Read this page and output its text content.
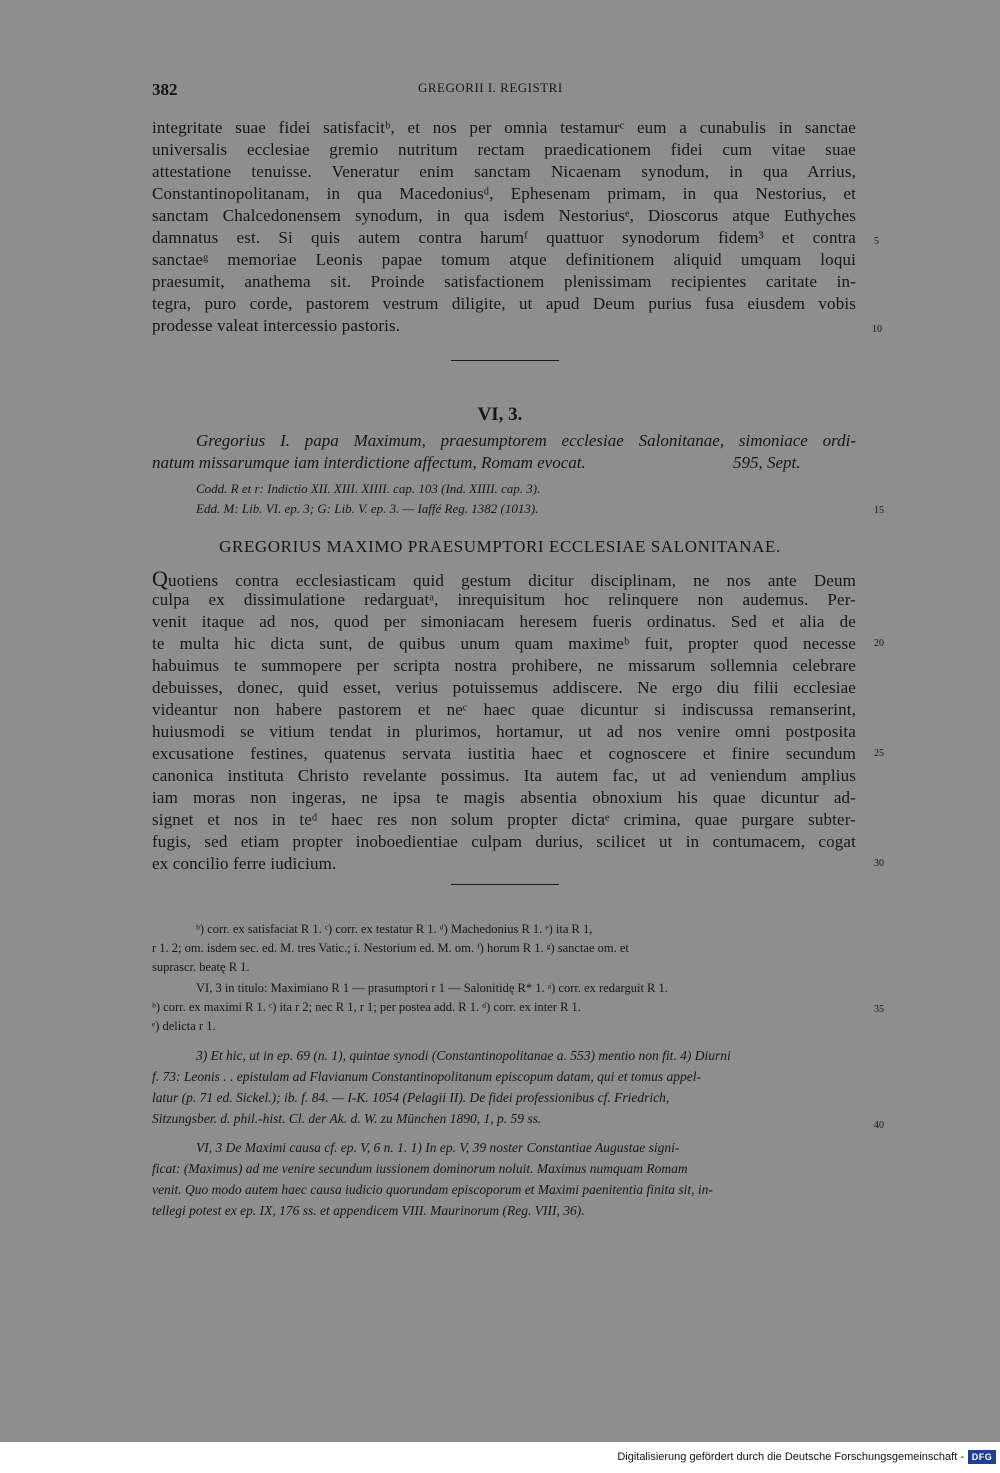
382	GREGORII I. REGISTRI
integritate suae fidei satisfacitᵇ, et nos per omnia testamurᶜ eum a cunabulis in sanctae
universalis ecclesiae gremio nutritum rectam praedicationem fidei cum vitae suae
attestatione tenuisse. Veneratur enim sanctam Nicaenam synodum, in qua Arrius,
Constantinopolitanam, in qua Macedoniusᵈ, Ephesenam primam, in qua Nestorius, et
sanctam Chalcedonensem synodum, in qua isdem Nestoriusᵉ, Dioscorus atque Euthyches
damnatus est. Si quis autem contra harumᶠ quattuor synodorum fidem³ et contra
sanctaeᵍ memoriae Leonis papae tomum atque definitionem aliquid umquam loqui
praesumit, anathema sit. Proinde satisfactionem plenissimam recipientes caritate in-
tegra, puro corde, pastorem vestrum diligite, ut apud Deum purius fusa eiusdem vobis
prodesse valeat intercessio pastoris.
5
10
VI, 3.
Gregorius I. papa Maximum, praesumptorem ecclesiae Salonitanae, simoniace ordi-
natum missarumque iam interdictione affectum, Romam evocat.	595, Sept.
Codd. R et r: Indictio XII. XIII. XIIII. cap. 103 (Ind. XIIII. cap. 3).
Edd. M: Lib. VI. ep. 3; G: Lib. V. ep. 3. — Iaffé Reg. 1382 (1013).	15
GREGORIUS MAXIMO PRAESUMPTORI ECCLESIAE SALONITANAE.
Quotiens contra ecclesiasticam quid gestum dicitur disciplinam, ne nos ante Deum
culpa ex dissimulatione redarguatᵃ, inrequisitum hoc relinquere non audemus. Per-
venit itaque ad nos, quod per simoniacam heresem fueris ordinatus. Sed et alia de
te multa hic dicta sunt, de quibus unum quam maximeᵇ fuit, propter quod necesse
habuimus te summopere per scripta nostra prohibere, ne missarum sollemnia celebrare
debuisses, donec, quid esset, verius potuissemus addiscere. Ne ergo diu filii ecclesiae
videantur non habere pastorem et neᶜ haec quae dicuntur si indiscussa remanserint,
huiusmodi se vitium tendat in plurimos, hortamur, ut ad nos venire omni postposita
excusatione festines, quatenus servata iustitia haec et cognoscere et finire secundum
canonica instituta Christo revelante possimus. Ita autem fac, ut ad veniendum amplius
iam moras non ingeras, ne ipsa te magis absentia obnoxium his quae dicuntur ad-
signet et nos in teᵈ haec res non solum propter dictaᵉ crimina, quae purgare subter-
fugis, sed etiam propter inoboedientiae culpam durius, scilicet ut in contumacem, cogat
ex concilio ferre iudicium.
20
25
30
ᵇ) corr. ex satisfaciat R 1. ᶜ) corr. ex testatur R 1. ᵈ) Machedonius R 1. ᵉ) ita R 1,
r 1. 2; om. isdem sec. ed. M. tres Vatic.; i. Nestorium ed. M. om. ᶠ) horum R 1. ᵍ) sanctae om. et
suprascr. beatę R 1.
VI, 3 in titulo: Maximiano R 1 — prasumptori r 1 — Salonitidę R* 1. ᵃ) corr. ex redarguit R 1.
ᵇ) corr. ex maximi R 1. ᶜ) ita r 2; nec R 1, r 1; per postea add. R 1. ᵈ) corr. ex inter R 1.
ᵉ) delicta r 1.
35
3) Et hic, ut in ep. 69 (n. 1), quintae synodi (Constantinopolitanae a. 553) mentio non fit. 4) Diurni
f. 73: Leonis . . epistulam ad Flavianum Constantinopolitanum episcopum datam, qui et tomus appel-
latur (p. 71 ed. Sickel.); ib. f. 84. — I-K. 1054 (Pelagii II). De fidei professionibus cf. Friedrich,
Sitzungsber. d. phil.-hist. Cl. der Ak. d. W. zu München 1890, 1, p. 59 ss.
VI, 3 De Maximi causa cf. ep. V, 6 n. 1. 1) In ep. V, 39 noster Constantiae Augustae signi-
ficat: (Maximus) ad me venire secundum iussionem dominorum noluit. Maximus numquam Romam
venit. Quo modo autem haec causa iudicio quorundam episcoporum et Maximi paenitentia finita sit, in-
tellegi potest ex ep. IX, 176 ss. et appendicem VIII. Maurinorum (Reg. VIII, 36).
40
Digitalisierung gefördert durch die Deutsche Forschungsgemeinschaft - DFG
